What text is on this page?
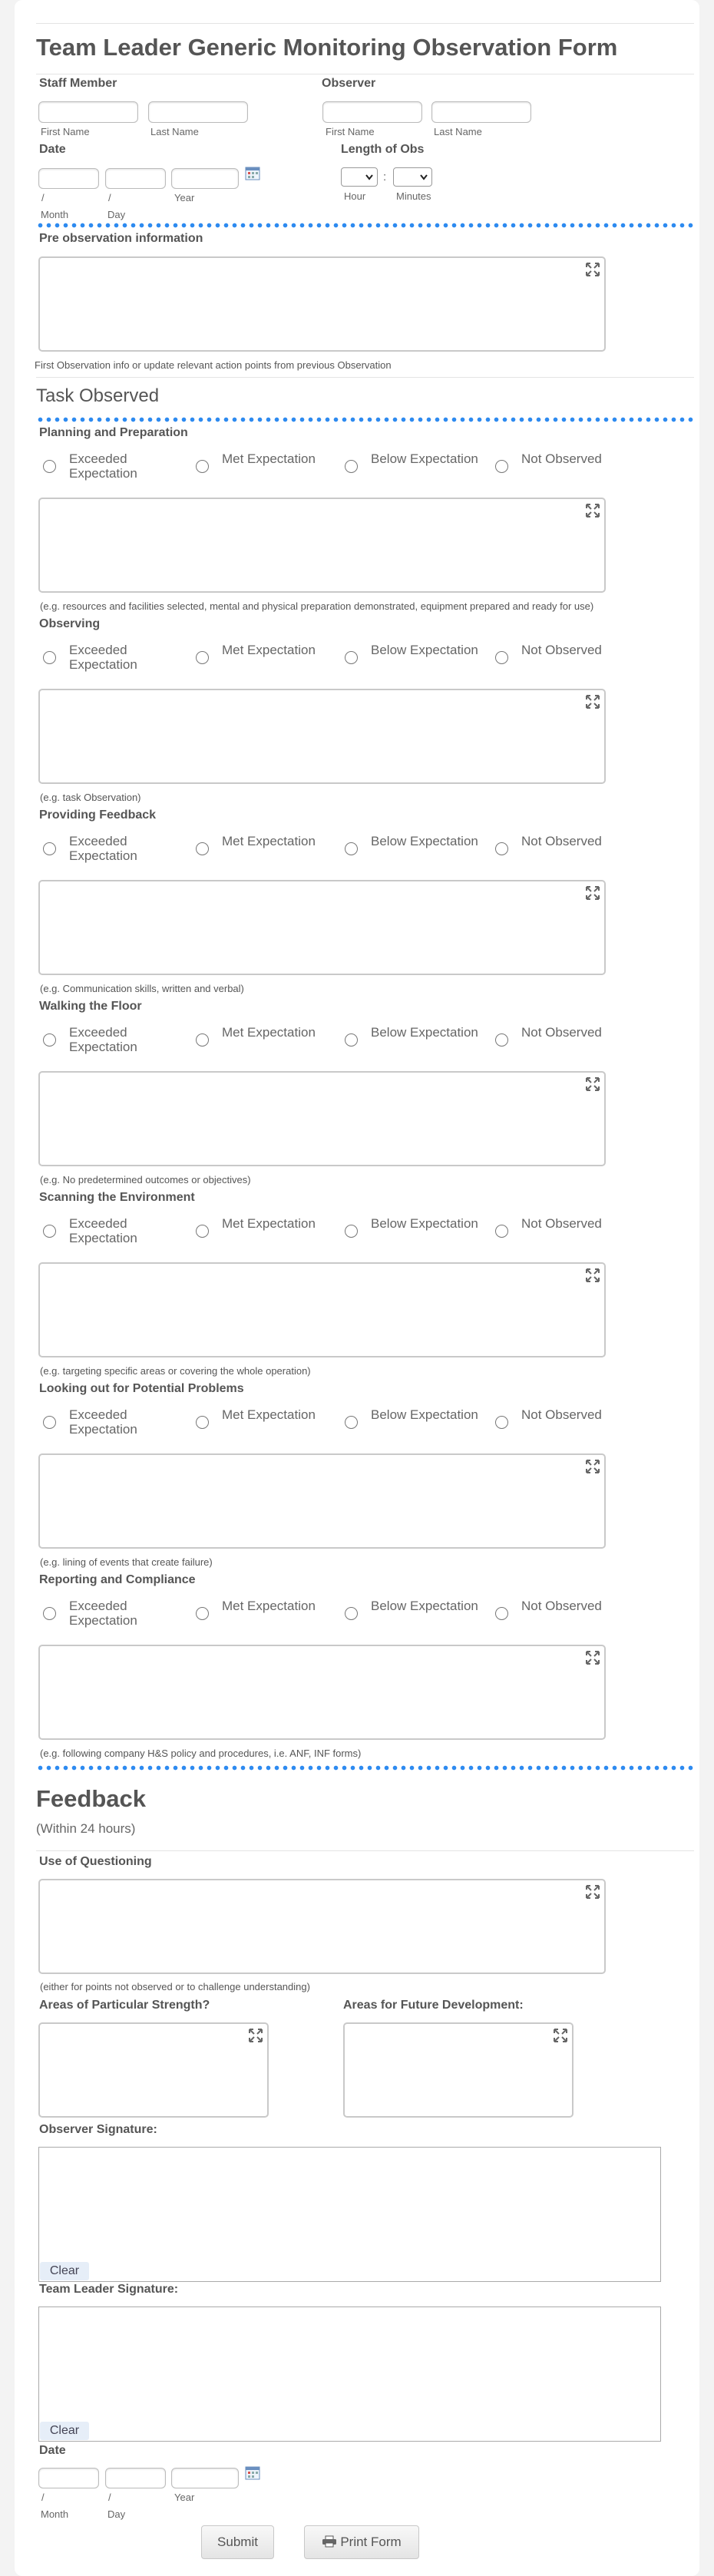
Team Leader Generic Monitoring Observation Form
Staff Member
First Name	Last Name
Observer
First Name	Last Name
Date
/	/	Year
Month	Day
Length of Obs
:
Hour	Minutes
Pre observation information
First Observation info or update relevant action points from previous Observation
Task Observed
Planning and Preparation
Exceeded Expectation
Met Expectation	Below Expectation	Not Observed
(e.g. resources and facilities selected, mental and physical preparation demonstrated, equipment prepared and ready for use)
Observing
Exceeded Expectation
Met Expectation	Below Expectation	Not Observed
(e.g. task Observation)
Providing Feedback
Exceeded Expectation
Met Expectation	Below Expectation	Not Observed
(e.g. Communication skills, written and verbal)
Walking the Floor
Exceeded Expectation
Met Expectation	Below Expectation	Not Observed
(e.g. No predetermined outcomes or objectives)
Scanning the Environment
Exceeded Expectation
Met Expectation	Below Expectation	Not Observed
(e.g. targeting specific areas or covering the whole operation)
Looking out for Potential Problems
Exceeded Expectation
Met Expectation	Below Expectation	Not Observed
(e.g. lining of events that create failure)
Reporting and Compliance
Exceeded Expectation
Met Expectation	Below Expectation	Not Observed
(e.g. following company H&S policy and procedures, i.e. ANF, INF forms)
Feedback
(Within 24 hours)
Use of Questioning
(either for points not observed or to challenge understanding)
Areas of Particular Strength?	Areas for Future Development:
Observer Signature:
Clear
Team Leader Signature:
Clear
Date
/	/	Year
Month	Day
Submit	Print Form
